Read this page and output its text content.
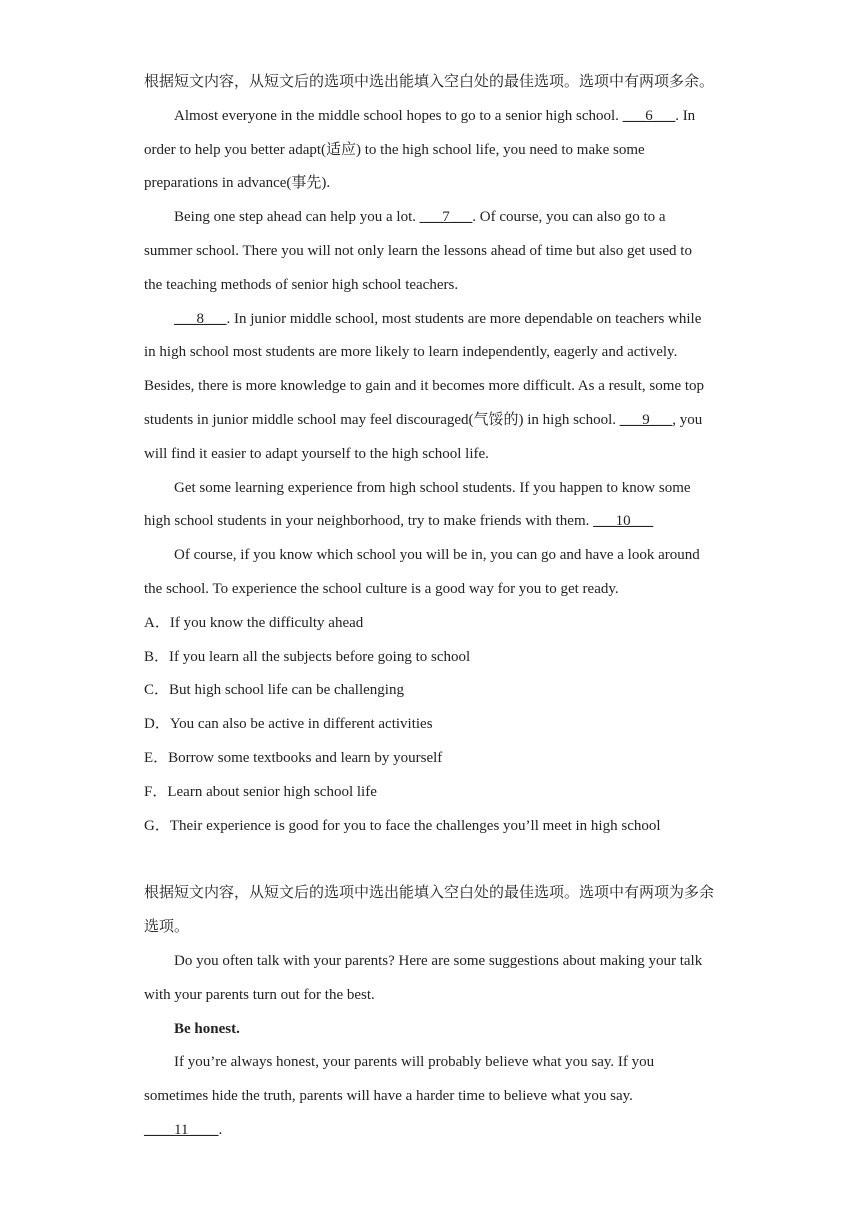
根据短文内容，从短文后的选项中选出能填入空白处的最佳选项。选项中有两项多余。

Almost everyone in the middle school hopes to go to a senior high school. ___6___. In

order to help you better adapt(适应) to the high school life, you need to make some

preparations in advance(事先).

Being one step ahead can help you a lot. ___7___. Of course, you can also go to a

summer school. There you will not only learn the lessons ahead of time but also get used to

the teaching methods of senior high school teachers.

___8___. In junior middle school, most students are more dependable on teachers while

in high school most students are more likely to learn independently, eagerly and actively.

Besides, there is more knowledge to gain and it becomes more difficult. As a result, some top

students in junior middle school may feel discouraged(气馁的) in high school. ___9___, you

will find it easier to adapt yourself to the high school life.

Get some learning experience from high school students. If you happen to know some

high school students in your neighborhood, try to make friends with them. ___10___

Of course, if you know which school you will be in, you can go and have a look around

the school. To experience the school culture is a good way for you to get ready.

A．If you know the difficulty ahead

B．If you learn all the subjects before going to school

C．But high school life can be challenging

D．You can also be active in different activities

E．Borrow some textbooks and learn by yourself

F．Learn about senior high school life

G．Their experience is good for you to face the challenges you’ll meet in high school

根据短文内容，从短文后的选项中选出能填入空白处的最佳选项。选项中有两项为多余

选项。

Do you often talk with your parents? Here are some suggestions about making your talk

with your parents turn out for the best.

Be honest.

If you’re always honest, your parents will probably believe what you say. If you

sometimes hide the truth, parents will have a harder time to believe what you say.

____11____.
